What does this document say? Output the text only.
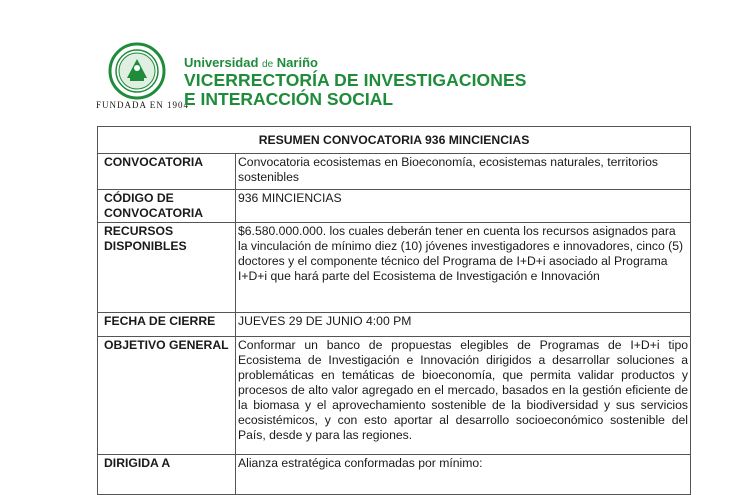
FUNDADA EN 1904
Universidad de Nariño
VICERRECTORÍA DE INVESTIGACIONES
E INTERACCIÓN SOCIAL
RESUMEN CONVOCATORIA 936 MINCIENCIAS	
CONVOCATORIA	Convocatoria ecosistemas en Bioeconomía, ecosistemas naturales, territorios sostenibles
CÓDIGO DE CONVOCATORIA	936 MINCIENCIAS
RECURSOS DISPONIBLES	$6.580.000.000. los cuales deberán tener en cuenta los recursos asignados para la vinculación de mínimo diez (10) jóvenes investigadores e innovadores, cinco (5) doctores y el componente técnico del Programa de I+D+i asociado al Programa I+D+i que hará parte del Ecosistema de Investigación e Innovación
FECHA DE CIERRE	JUEVES 29 DE JUNIO 4:00 PM
OBJETIVO GENERAL	Conformar un banco de propuestas elegibles de Programas de I+D+i tipo Ecosistema de Investigación e Innovación dirigidos a desarrollar soluciones a problemáticas en temáticas de bioeconomía, que permita validar productos y procesos de alto valor agregado en el mercado, basados en la gestión eficiente de la biomasa y el aprovechamiento sostenible de la biodiversidad y sus servicios ecosistémicos, y con esto aportar al desarrollo socioeconómico sostenible del País, desde y para las regiones.
DIRIGIDA A	Alianza estratégica conformadas por mínimo:
